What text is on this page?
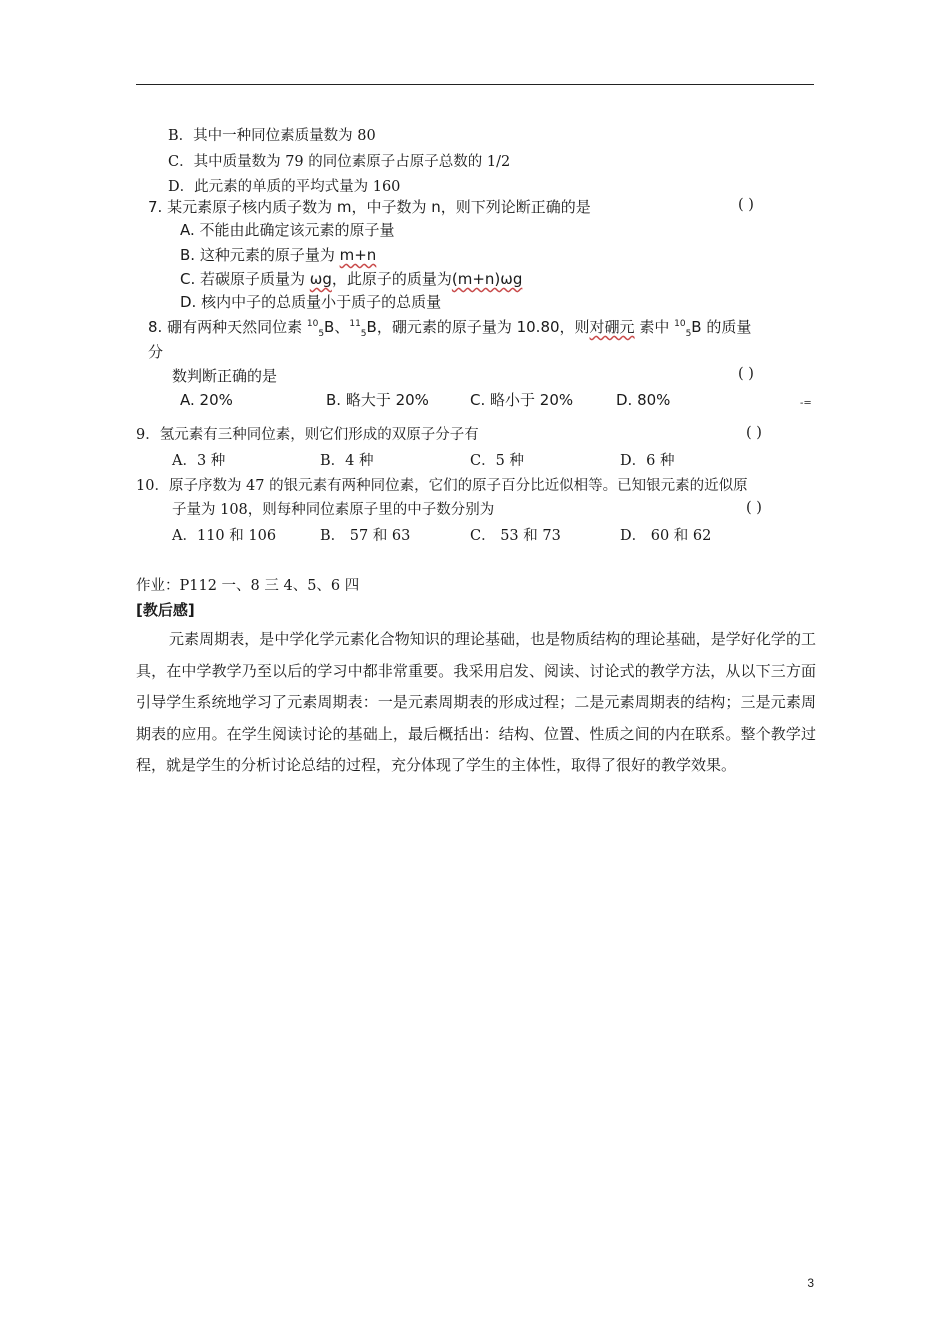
B．其中一种同位素质量数为 80
C．其中质量数为 79 的同位素原子占原子总数的 1/2
D．此元素的单质的平均式量为 160
7. 某元素原子核内质子数为 m，中子数为 n，则下列论断正确的是	( )
A. 不能由此确定该元素的原子量
B. 这种元素的原子量为 m+n
C. 若碳原子质量为 ωg，此原子的质量为(m+n)ωg
D. 核内中子的总质量小于质子的总质量
8. 硼有两种天然同位素 $^{10}_5$B、$^{11}_5$B，硼元素的原子量为 10.80，则对硼元 素中 $^{10}_5$B 的质量
分
数判断正确的是	( )
A. 20%	B. 略大于 20%	C. 略小于 20%	D. 80%	-=
9．氢元素有三种同位素，则它们形成的双原子分子有	( )
A．3 种	B．4 种	C．5 种	D．6 种
10．原子序数为 47 的银元素有两种同位素，它们的原子百分比近似相等。已知银元素的近似原
子量为 108，则每种同位素原子里的中子数分别为	( )
A．110 和 106	B． 57 和 63	C． 53 和 73	D． 60 和 62
作业：P112 一、8 三 4、5、6 四
[教后感]
元素周期表，是中学化学元素化合物知识的理论基础，也是物质结构的理论基础，是学好化学的工具，在中学教学乃至以后的学习中都非常重要。我采用启发、阅读、讨论式的教学方法，从以下三方面引导学生系统地学习了元素周期表：一是元素周期表的形成过程；二是元素周期表的结构；三是元素周期表的应用。在学生阅读讨论的基础上，最后概括出：结构、位置、性质之间的内在联系。整个教学过程，就是学生的分析讨论总结的过程，充分体现了学生的主体性，取得了很好的教学效果。
3
